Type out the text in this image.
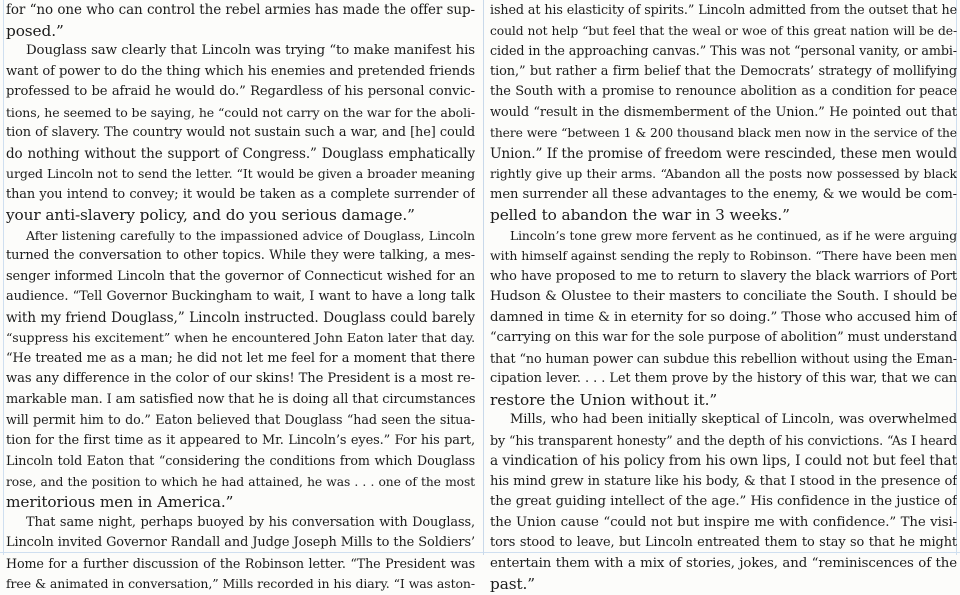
for “no one who can control the rebel armies has made the offer sup-
posed.”
Douglass saw clearly that Lincoln was trying “to make manifest his
want of power to do the thing which his enemies and pretended friends
professed to be afraid he would do.” Regardless of his personal convic-
tions, he seemed to be saying, he “could not carry on the war for the aboli-
tion of slavery. The country would not sustain such a war, and [he] could
do nothing without the support of Congress.” Douglass emphatically
urged Lincoln not to send the letter. “It would be given a broader meaning
than you intend to convey; it would be taken as a complete surrender of
your anti-slavery policy, and do you serious damage.”
After listening carefully to the impassioned advice of Douglass, Lincoln
turned the conversation to other topics. While they were talking, a mes-
senger informed Lincoln that the governor of Connecticut wished for an
audience. “Tell Governor Buckingham to wait, I want to have a long talk
with my friend Douglass,” Lincoln instructed. Douglass could barely
“suppress his excitement” when he encountered John Eaton later that day.
“He treated me as a man; he did not let me feel for a moment that there
was any difference in the color of our skins! The President is a most re-
markable man. I am satisfied now that he is doing all that circumstances
will permit him to do.” Eaton believed that Douglass “had seen the situa-
tion for the first time as it appeared to Mr. Lincoln’s eyes.” For his part,
Lincoln told Eaton that “considering the conditions from which Douglass
rose, and the position to which he had attained, he was . . . one of the most
meritorious men in America.”
That same night, perhaps buoyed by his conversation with Douglass,
Lincoln invited Governor Randall and Judge Joseph Mills to the Soldiers’
Home for a further discussion of the Robinson letter. “The President was
free & animated in conversation,” Mills recorded in his diary. “I was aston-
ished at his elasticity of spirits.” Lincoln admitted from the outset that he
could not help “but feel that the weal or woe of this great nation will be de-
cided in the approaching canvas.” This was not “personal vanity, or ambi-
tion,” but rather a firm belief that the Democrats’ strategy of mollifying
the South with a promise to renounce abolition as a condition for peace
would “result in the dismemberment of the Union.” He pointed out that
there were “between 1 & 200 thousand black men now in the service of the
Union.” If the promise of freedom were rescinded, these men would
rightly give up their arms. “Abandon all the posts now possessed by black
men surrender all these advantages to the enemy, & we would be com-
pelled to abandon the war in 3 weeks.”
Lincoln’s tone grew more fervent as he continued, as if he were arguing
with himself against sending the reply to Robinson. “There have been men
who have proposed to me to return to slavery the black warriors of Port
Hudson & Olustee to their masters to conciliate the South. I should be
damned in time & in eternity for so doing.” Those who accused him of
“carrying on this war for the sole purpose of abolition” must understand
that “no human power can subdue this rebellion without using the Eman-
cipation lever. . . . Let them prove by the history of this war, that we can
restore the Union without it.”
Mills, who had been initially skeptical of Lincoln, was overwhelmed
by “his transparent honesty” and the depth of his convictions. “As I heard
a vindication of his policy from his own lips, I could not but feel that
his mind grew in stature like his body, & that I stood in the presence of
the great guiding intellect of the age.” His confidence in the justice of
the Union cause “could not but inspire me with confidence.” The visi-
tors stood to leave, but Lincoln entreated them to stay so that he might
entertain them with a mix of stories, jokes, and “reminiscences of the
past.”
